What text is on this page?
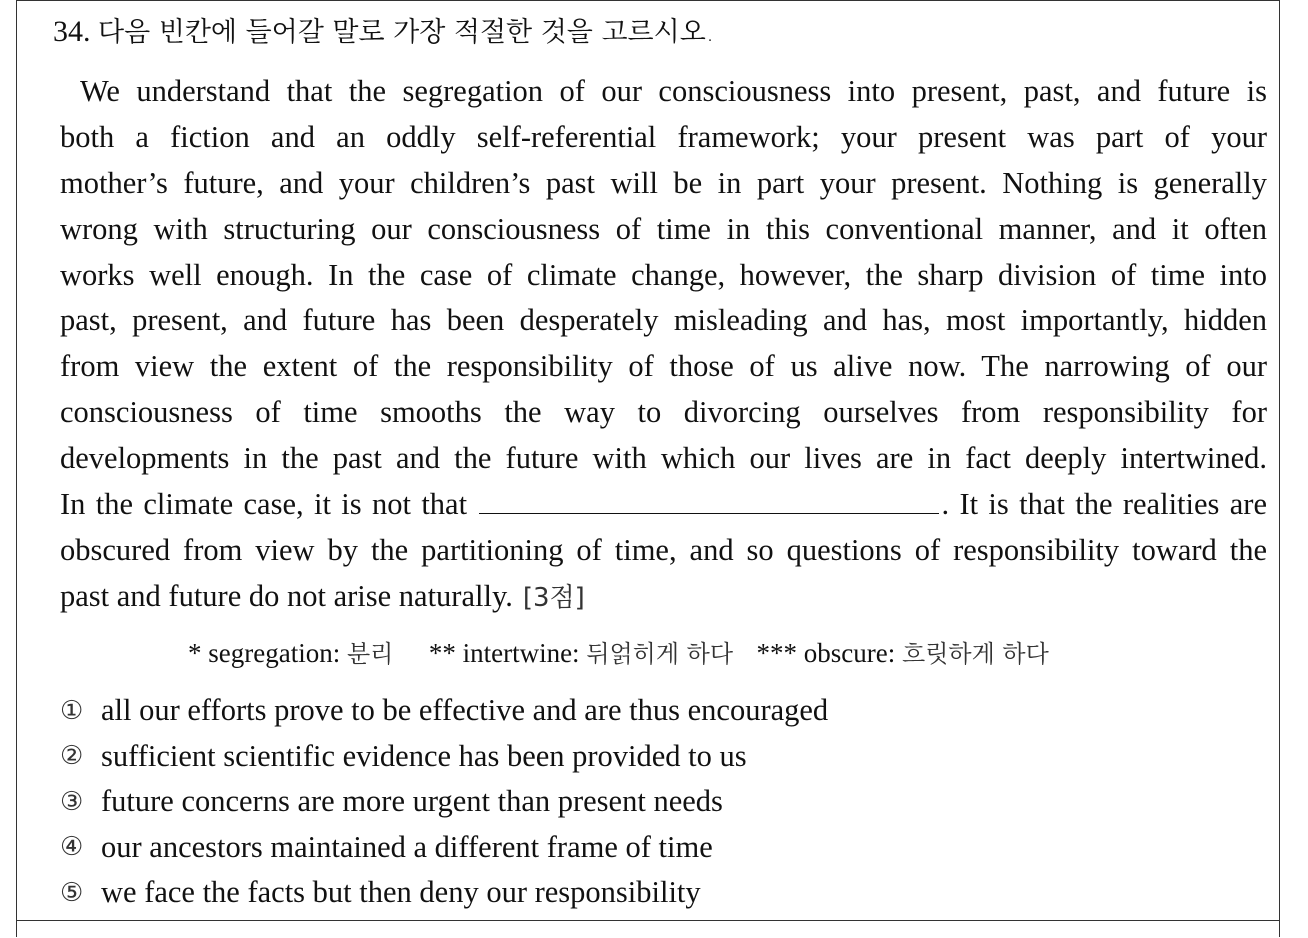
34. 다음 빈칸에 들어갈 말로 가장 적절한 것을 고르시오.
We understand that the segregation of our consciousness into present, past, and future is
both a fiction and an oddly self-referential framework; your present was part of your
mother’s future, and your children’s past will be in part your present. Nothing is generally
wrong with structuring our consciousness of time in this conventional manner, and it often
works well enough. In the case of climate change, however, the sharp division of time into
past, present, and future has been desperately misleading and has, most importantly, hidden
from view the extent of the responsibility of those of us alive now. The narrowing of our
consciousness of time smooths the way to divorcing ourselves from responsibility for
developments in the past and the future with which our lives are in fact deeply intertwined.
In the climate case, it is not that	. It is that the realities are
obscured from view by the partitioning of time, and so questions of responsibility toward the
past and future do not arise naturally. [3점]
* segregation: 분리 ** intertwine: 뒤얽히게 하다 *** obscure: 흐릿하게 하다
① all our efforts prove to be effective and are thus encouraged
② sufficient scientific evidence has been provided to us
③ future concerns are more urgent than present needs
④ our ancestors maintained a different frame of time
⑤ we face the facts but then deny our responsibility
